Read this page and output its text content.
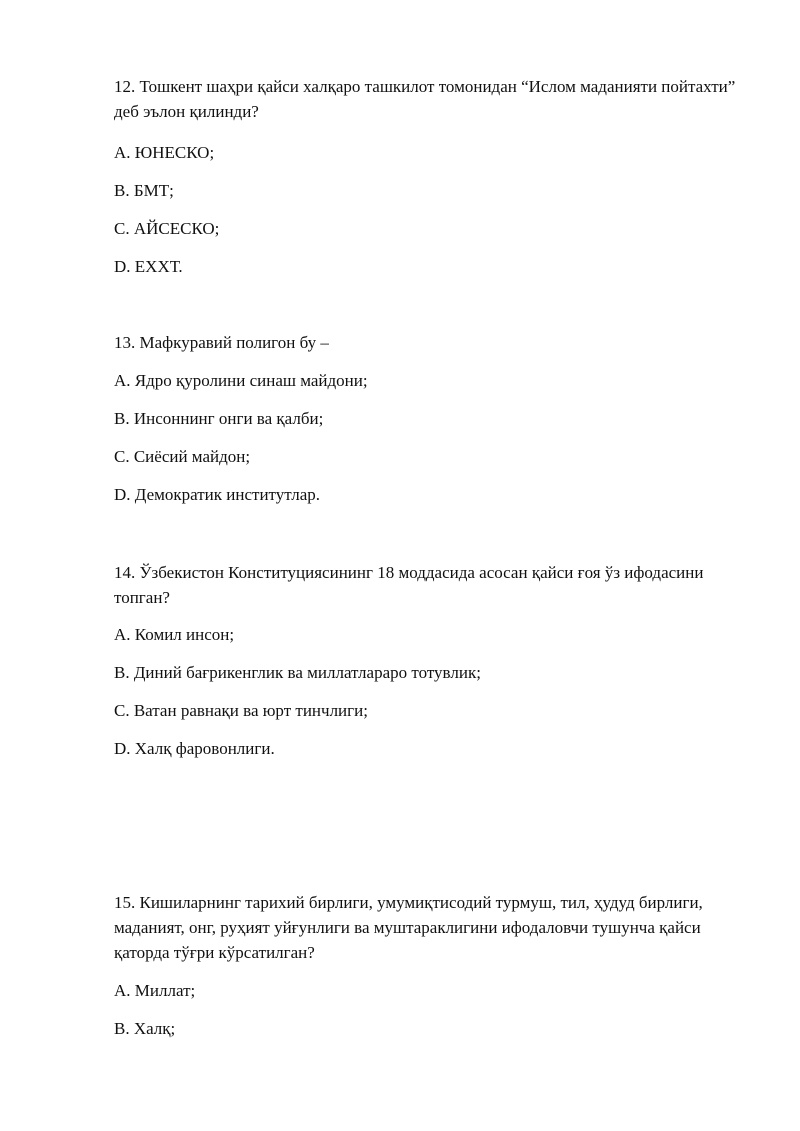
12. Тошкент шаҳри қайси халқаро ташкилот томонидан “Ислом маданияти пойтахти” деб эълон қилинди?

A. ЮНЕСКО;
B. БМТ;
C. АЙСЕСКО;
D. ЕХХТ.

13. Мафкуравий полигон бу –

A. Ядро қуролини синаш майдони;
B. Инсоннинг онги ва қалби;
C. Сиёсий майдон;
D. Демократик институтлар.

14. Ўзбекистон Конституциясининг 18 моддасида асосан қайси ғоя ўз ифодасини топган?

A. Комил инсон;
B. Диний бағрикенглик ва миллатлараро тотувлик;
C. Ватан равнақи ва юрт тинчлиги;
D. Халқ фаровонлиги.

15. Кишиларнинг тарихий бирлиги, умумиқтисодий турмуш, тил, ҳудуд бирлиги, маданият, онг, руҳият уйғунлиги ва муштараклигини ифодаловчи тушунча қайси қаторда тўғри кўрсатилган?

A. Миллат;
B. Халқ;
